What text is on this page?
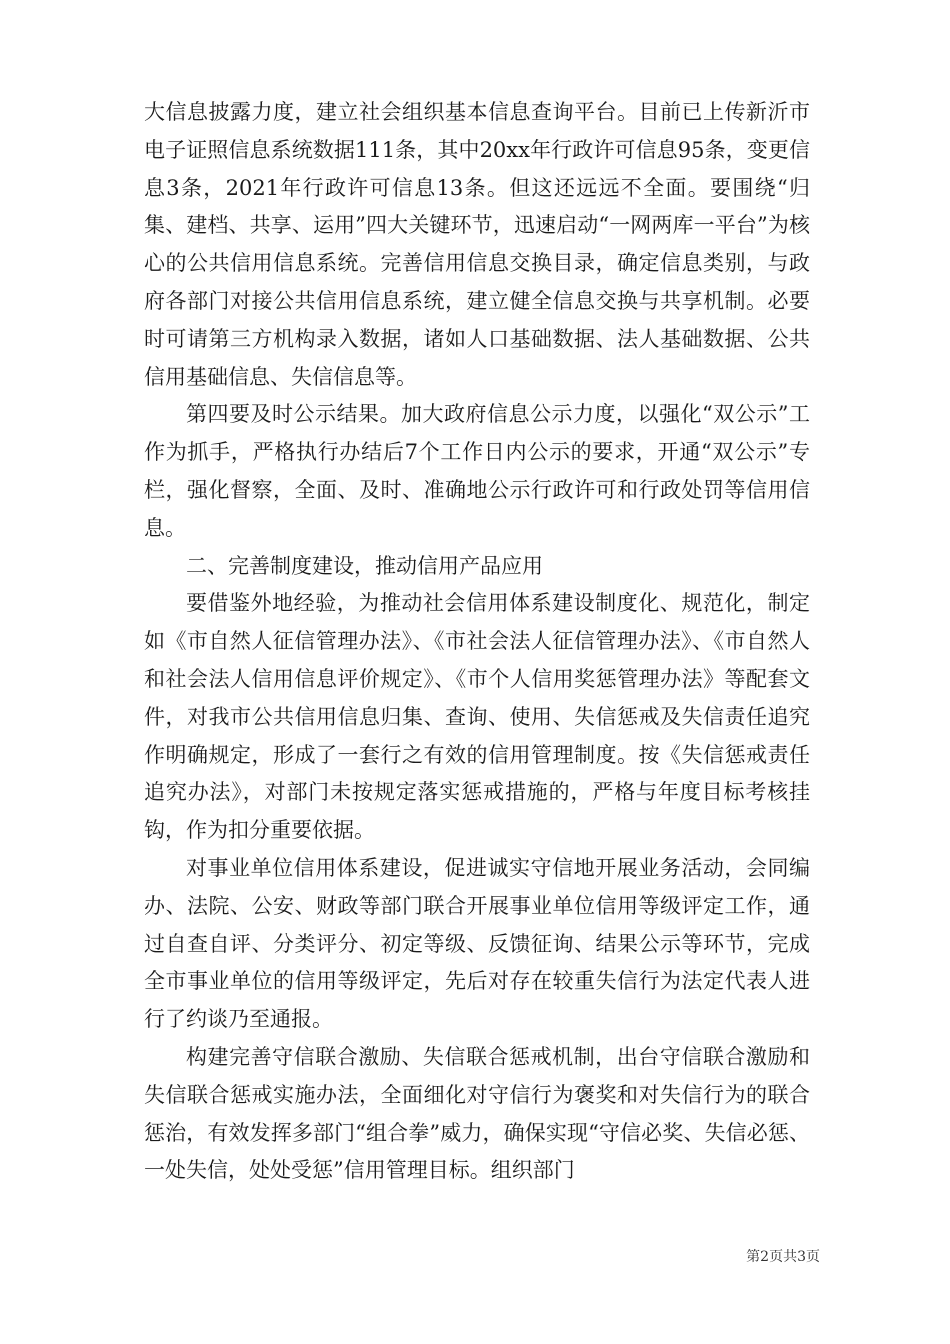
大信息披露力度，建立社会组织基本信息查询平台。目前已上传新沂市电子证照信息系统数据111条，其中20xx年行政许可信息95条，变更信息3条，2021年行政许可信息13条。但这还远远不全面。要围绕“归集、建档、共享、运用”四大关键环节，迅速启动“一网两库一平台”为核心的公共信用信息系统。完善信用信息交换目录，确定信息类别，与政府各部门对接公共信用信息系统，建立健全信息交换与共享机制。必要时可请第三方机构录入数据，诸如人口基础数据、法人基础数据、公共信用基础信息、失信信息等。

第四要及时公示结果。加大政府信息公示力度，以强化“双公示”工作为抓手，严格执行办结后7个工作日内公示的要求，开通“双公示”专栏，强化督察，全面、及时、准确地公示行政许可和行政处罚等信用信息。

二、完善制度建设，推动信用产品应用

要借鉴外地经验，为推动社会信用体系建设制度化、规范化，制定如《市自然人征信管理办法》、《市社会法人征信管理办法》、《市自然人和社会法人信用信息评价规定》、《市个人信用奖惩管理办法》等配套文件，对我市公共信用信息归集、查询、使用、失信惩戒及失信责任追究作明确规定，形成了一套行之有效的信用管理制度。按《失信惩戒责任追究办法》，对部门未按规定落实惩戒措施的，严格与年度目标考核挂钩，作为扣分重要依据。

对事业单位信用体系建设，促进诚实守信地开展业务活动，会同编办、法院、公安、财政等部门联合开展事业单位信用等级评定工作，通过自查自评、分类评分、初定等级、反馈征询、结果公示等环节，完成全市事业单位的信用等级评定，先后对存在较重失信行为法定代表人进行了约谈乃至通报。

构建完善守信联合激励、失信联合惩戒机制，出台守信联合激励和失信联合惩戒实施办法，全面细化对守信行为褒奖和对失信行为的联合惩治，有效发挥多部门“组合拳”威力，确保实现“守信必奖、失信必惩、一处失信，处处受惩”信用管理目标。组织部门

第2页共3页
